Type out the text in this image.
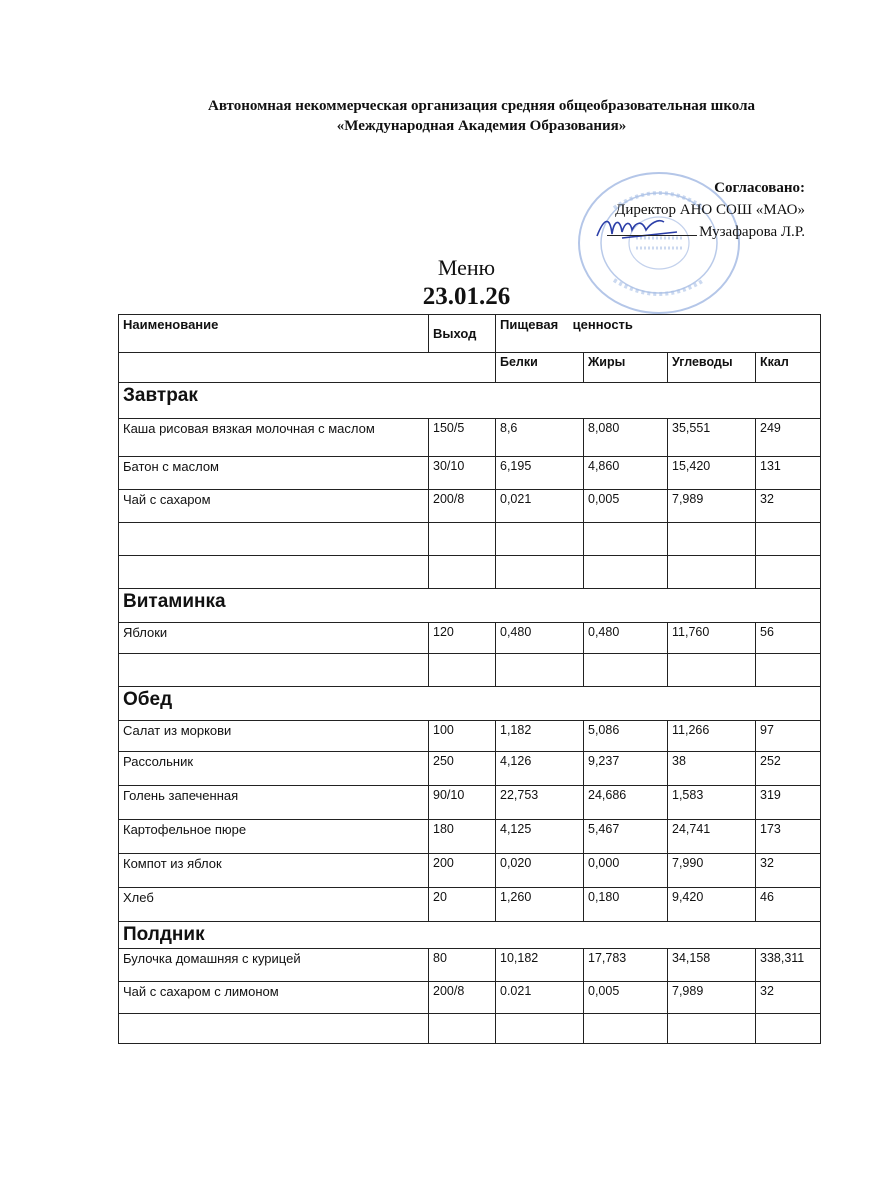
Автономная некоммерческая организация средняя общеобразовательная школа
«Международная Академия Образования»
Согласовано:
Директор АНО СОШ «МАО»
Музафарова Л.Р.
Меню
23.01.26
Наименование	Выход	Пищевая    ценность			
		Белки	Жиры	Углеводы	Ккал
Завтрак					
Каша рисовая вязкая молочная с маслом	150/5	8,6	8,080	35,551	249
Батон с маслом	30/10	6,195	4,860	15,420	131
Чай с сахаром	200/8	0,021	0,005	7,989	32

Витаминка					
Яблоки	120	0,480	0,480	11,760	56

Обед					
Салат из моркови	100	1,182	5,086	11,266	97
Рассольник	250	4,126	9,237	38	252
Голень запеченная	90/10	22,753	24,686	1,583	319
Картофельное пюре	180	4,125	5,467	24,741	173
Компот из яблок	200	0,020	0,000	7,990	32
Хлеб	20	1,260	0,180	9,420	46
Полдник					
Булочка домашняя с курицей	80	10,182	17,783	34,158	338,311
Чай с сахаром с лимоном	200/8	0.021	0,005	7,989	32
